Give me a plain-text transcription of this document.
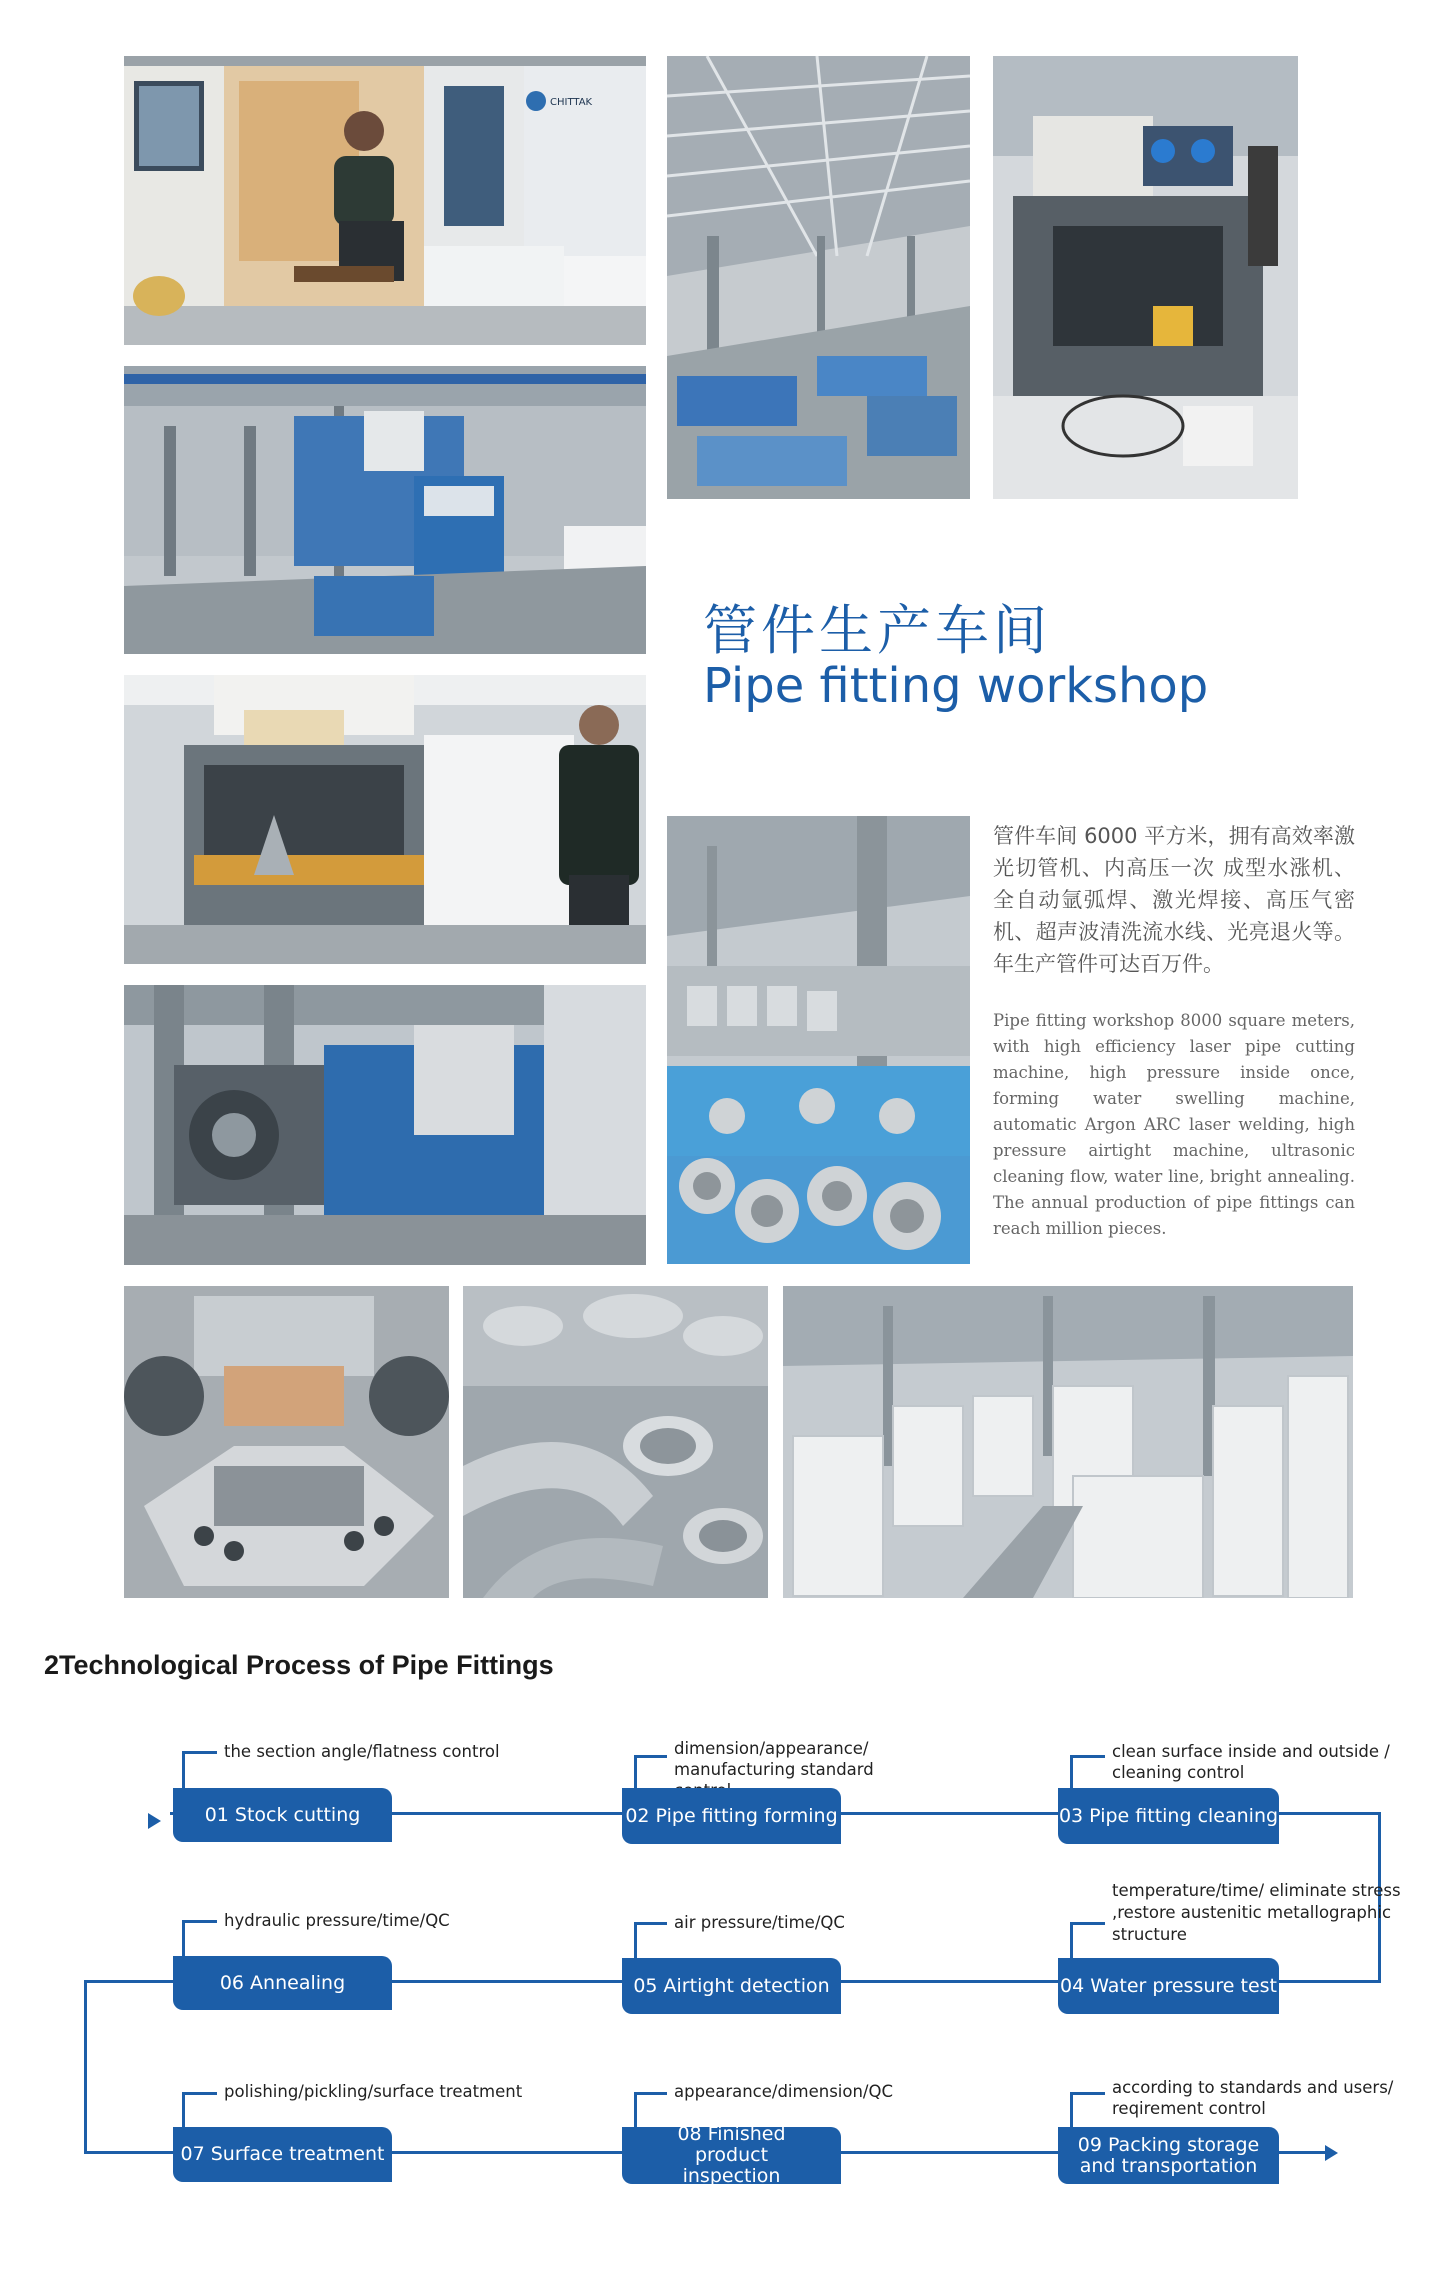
CHITTAK
管件生产车间
Pipe fitting workshop
管件车间 6000 平方米，拥有高效率激光切管机、内高压一次 成型水涨机、全自动氩弧焊、激光焊接、高压气密机、超声波清洗流水线、光亮退火等。年生产管件可达百万件。
Pipe fitting workshop 8000 square meters, with high efficiency laser pipe cutting machine, high pressure inside once, forming water swelling machine, automatic Argon ARC laser welding, high pressure airtight machine, ultrasonic cleaning flow, water line, bright annealing. The annual production of pipe fittings can reach million pieces.
2Technological Process of Pipe Fittings
the section angle/flatness control
01 Stock cutting
dimension/appearance/ manufacturing standard
02 Pipe fitting forming
clean surface inside and outside / cleaning control
03 Pipe fitting cleaning
hydraulic pressure/time/QC
06 Annealing
air pressure/time/QC
05 Airtight detection
temperature/time/ eliminate stress ,restore austenitic metallographic structure
04 Water pressure test
polishing/pickling/surface treatment
07 Surface treatment
appearance/dimension/QC
08 Finished product inspection
according to standards and users/ reqirement control
09 Packing storage and transportation
